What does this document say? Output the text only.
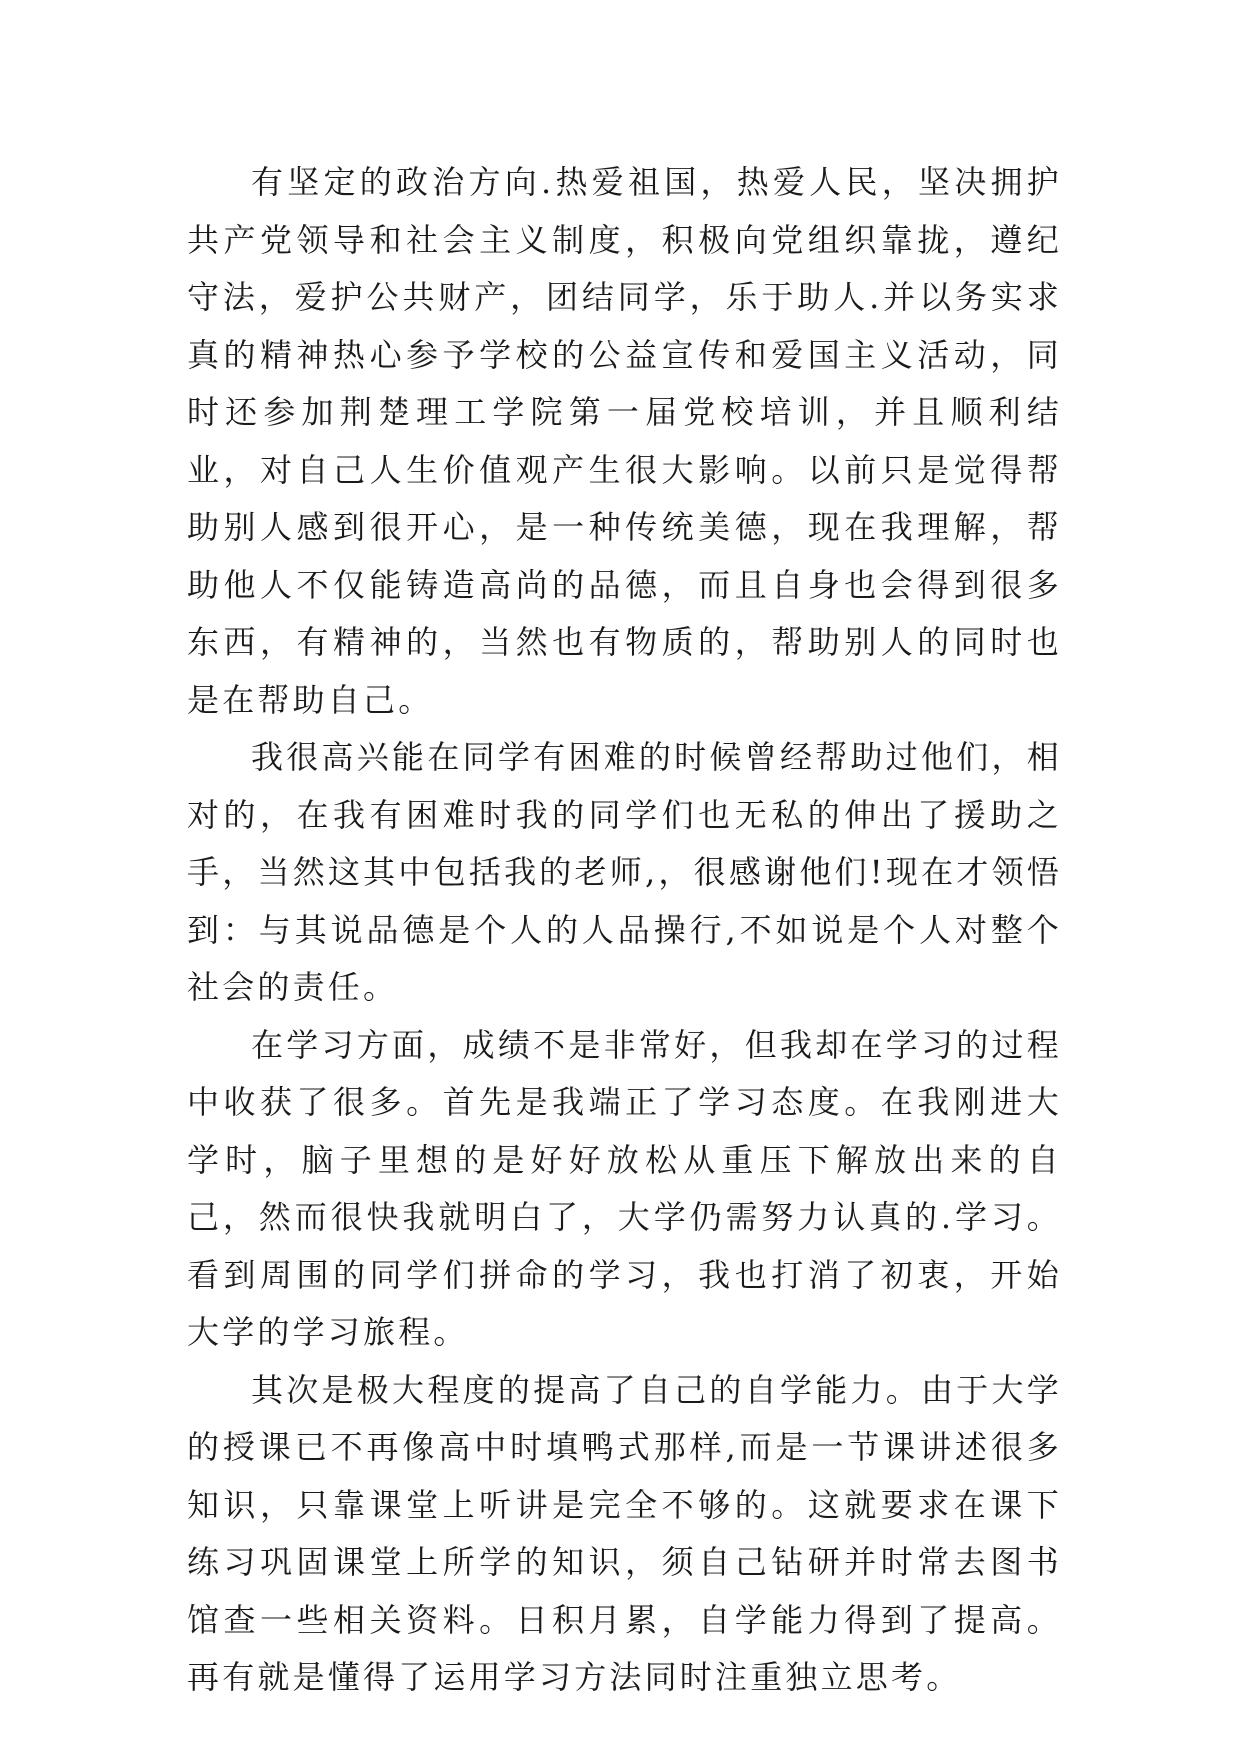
有坚定的政治方向.热爱祖国，热爱人民，坚决拥护共产党领导和社会主义制度，积极向党组织靠拢，遵纪守法，爱护公共财产，团结同学，乐于助人.并以务实求真的精神热心参予学校的公益宣传和爱国主义活动，同时还参加荆楚理工学院第一届党校培训，并且顺利结业，对自己人生价值观产生很大影响。以前只是觉得帮助别人感到很开心，是一种传统美德，现在我理解，帮助他人不仅能铸造高尚的品德，而且自身也会得到很多东西，有精神的，当然也有物质的，帮助别人的同时也是在帮助自己。

我很高兴能在同学有困难的时候曾经帮助过他们，相对的，在我有困难时我的同学们也无私的伸出了援助之手，当然这其中包括我的老师,，很感谢他们!现在才领悟到：与其说品德是个人的人品操行,不如说是个人对整个社会的责任。

在学习方面，成绩不是非常好，但我却在学习的过程中收获了很多。首先是我端正了学习态度。在我刚进大学时，脑子里想的是好好放松从重压下解放出来的自己，然而很快我就明白了，大学仍需努力认真的.学习。看到周围的同学们拼命的学习，我也打消了初衷，开始大学的学习旅程。

其次是极大程度的提高了自己的自学能力。由于大学的授课已不再像高中时填鸭式那样,而是一节课讲述很多知识，只靠课堂上听讲是完全不够的。这就要求在课下练习巩固课堂上所学的知识，须自己钻研并时常去图书馆查一些相关资料。日积月累，自学能力得到了提高。再有就是懂得了运用学习方法同时注重独立思考。
